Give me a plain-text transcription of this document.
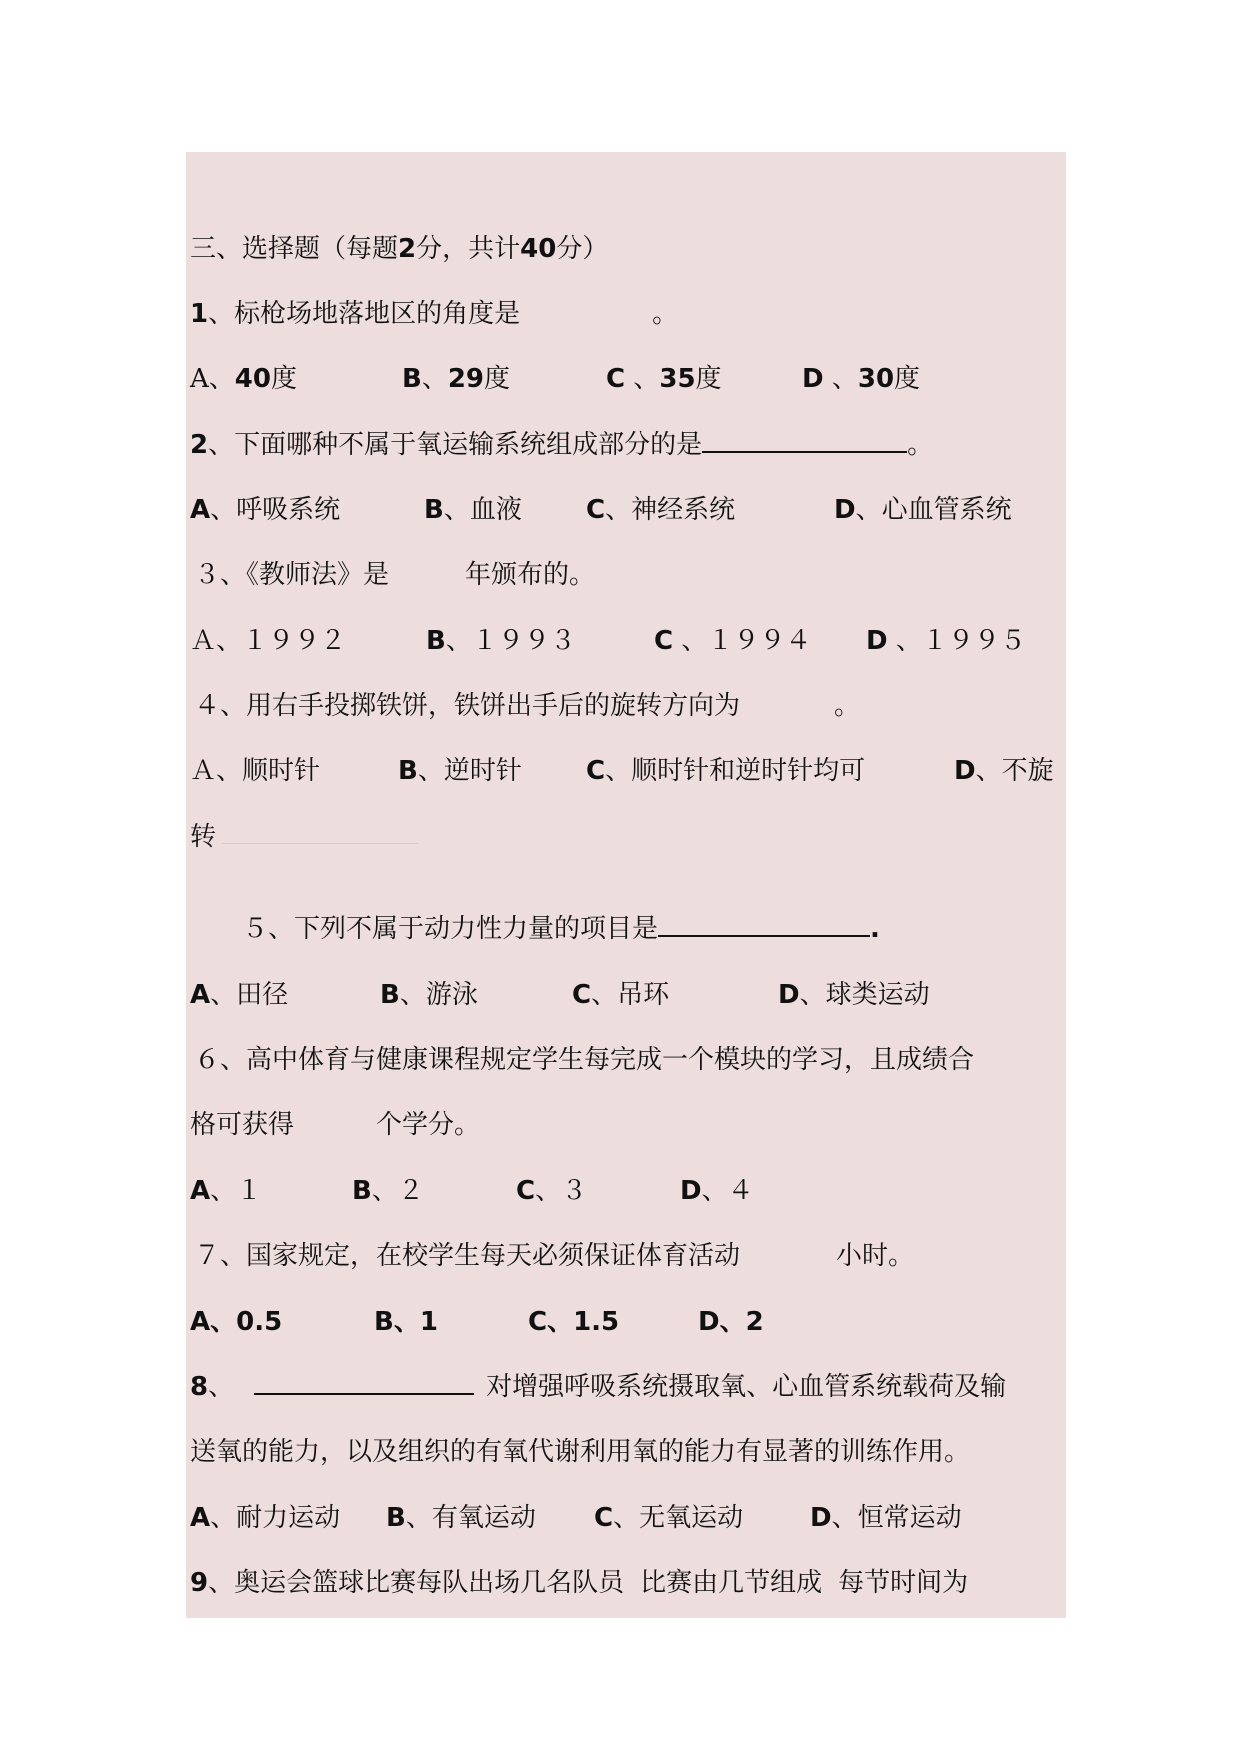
三、选择题（每题2分，共计40分）
1、标枪场地落地区的角度是	。
A、40度	B、29度	C 、35度	D 、30度
2、下面哪种不属于氧运输系统组成部分的是	。
A、呼吸系统	B、血液 C、神经系统	D、心血管系统
３、《教师法》是	年颁布的。
Ａ、１９９２	B、１９９３	C 、１９９４ D 、１９９５
４、用右手投掷铁饼，铁饼出手后的旋转方向为	。
Ａ、顺时针	B、逆时针 C、顺时针和逆时针均可	D、不旋
转
５、下列不属于动力性力量的项目是	.
A、田径	B、游泳	C、吊环	D、球类运动
６、高中体育与健康课程规定学生每完成一个模块的学习，且成绩合
格可获得	个学分。
A、１	B、２	C、３	D、４
７、国家规定，在校学生每天必须保证体育活动	小时。
A、0.5	B、1	C、1.5	D、2
8、	对增强呼吸系统摄取氧、心血管系统载荷及输
送氧的能力，以及组织的有氧代谢利用氧的能力有显著的训练作用。
A、耐力运动 B、有氧运动 C、无氧运动	D、恒常运动
9、奥运会篮球比赛每队出场几名队员 比赛由几节组成 每节时间为
